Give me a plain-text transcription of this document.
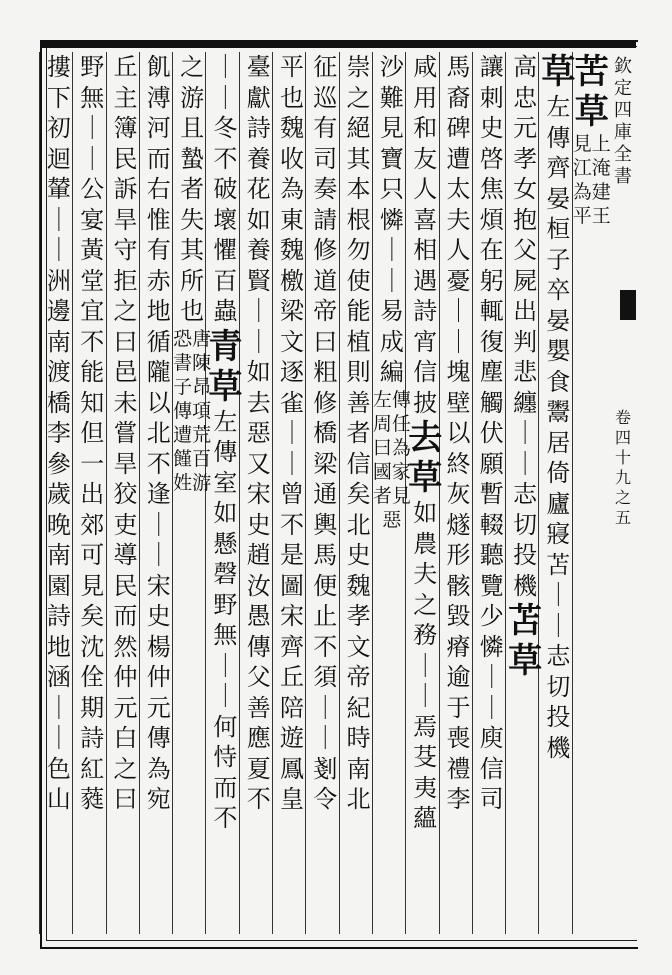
欽定四庫全書
卷四十九之五
苦草
見上江淹
為建平王
草
左傳齊晏桓子卒晏嬰食鬻居倚廬寢苫｜｜志切投
機
高忠元孝女抱父屍出判悲纏｜｜志切投機
苫草
讓刺史啓焦煩在躬輒復塵觸伏願暫輟聽覽少憐｜｜庾信司
馬裔碑遭太夫人憂｜｜塊壁以終灰燧形骸毀瘠逾于喪禮李
咸用和友人喜相遇詩宵信披
去草
如農夫之務｜｜焉芟夷蘊
沙難見寶只憐｜｜易成編
左傳周任曰為國家者見惡
崇之絕其本根勿使能植則善者信矣北史魏孝文帝紀時南北
征巡有司奏請修道帝曰粗修橋梁通輿馬便止不須｜｜剗令
平也魏收為東魏檄梁文逐雀｜｜曾不是圖宋齊丘陪遊鳳皇
臺獻詩養花如養賢｜｜如去惡又宋史趙汝愚傳父善應夏不
｜｜冬不破壞懼百蟲
青草
左傳室如懸磬野無｜｜何恃而不
之游且蟄者失其所也
恐唐書陳子昂傳項遭荒饉百姓游
飢溥河而右惟有赤地循隴以北不逢｜｜宋史楊仲元傳為宛
丘主簿民訴旱守拒之曰邑未嘗旱狡吏導民而然仲元白之曰
野無｜｜公宴黃堂宜不能知但一出郊可見矣沈佺期詩紅蕤
摟下初迴輦｜｜洲邊南渡橋李參歲晚南園詩地涵｜｜色山
